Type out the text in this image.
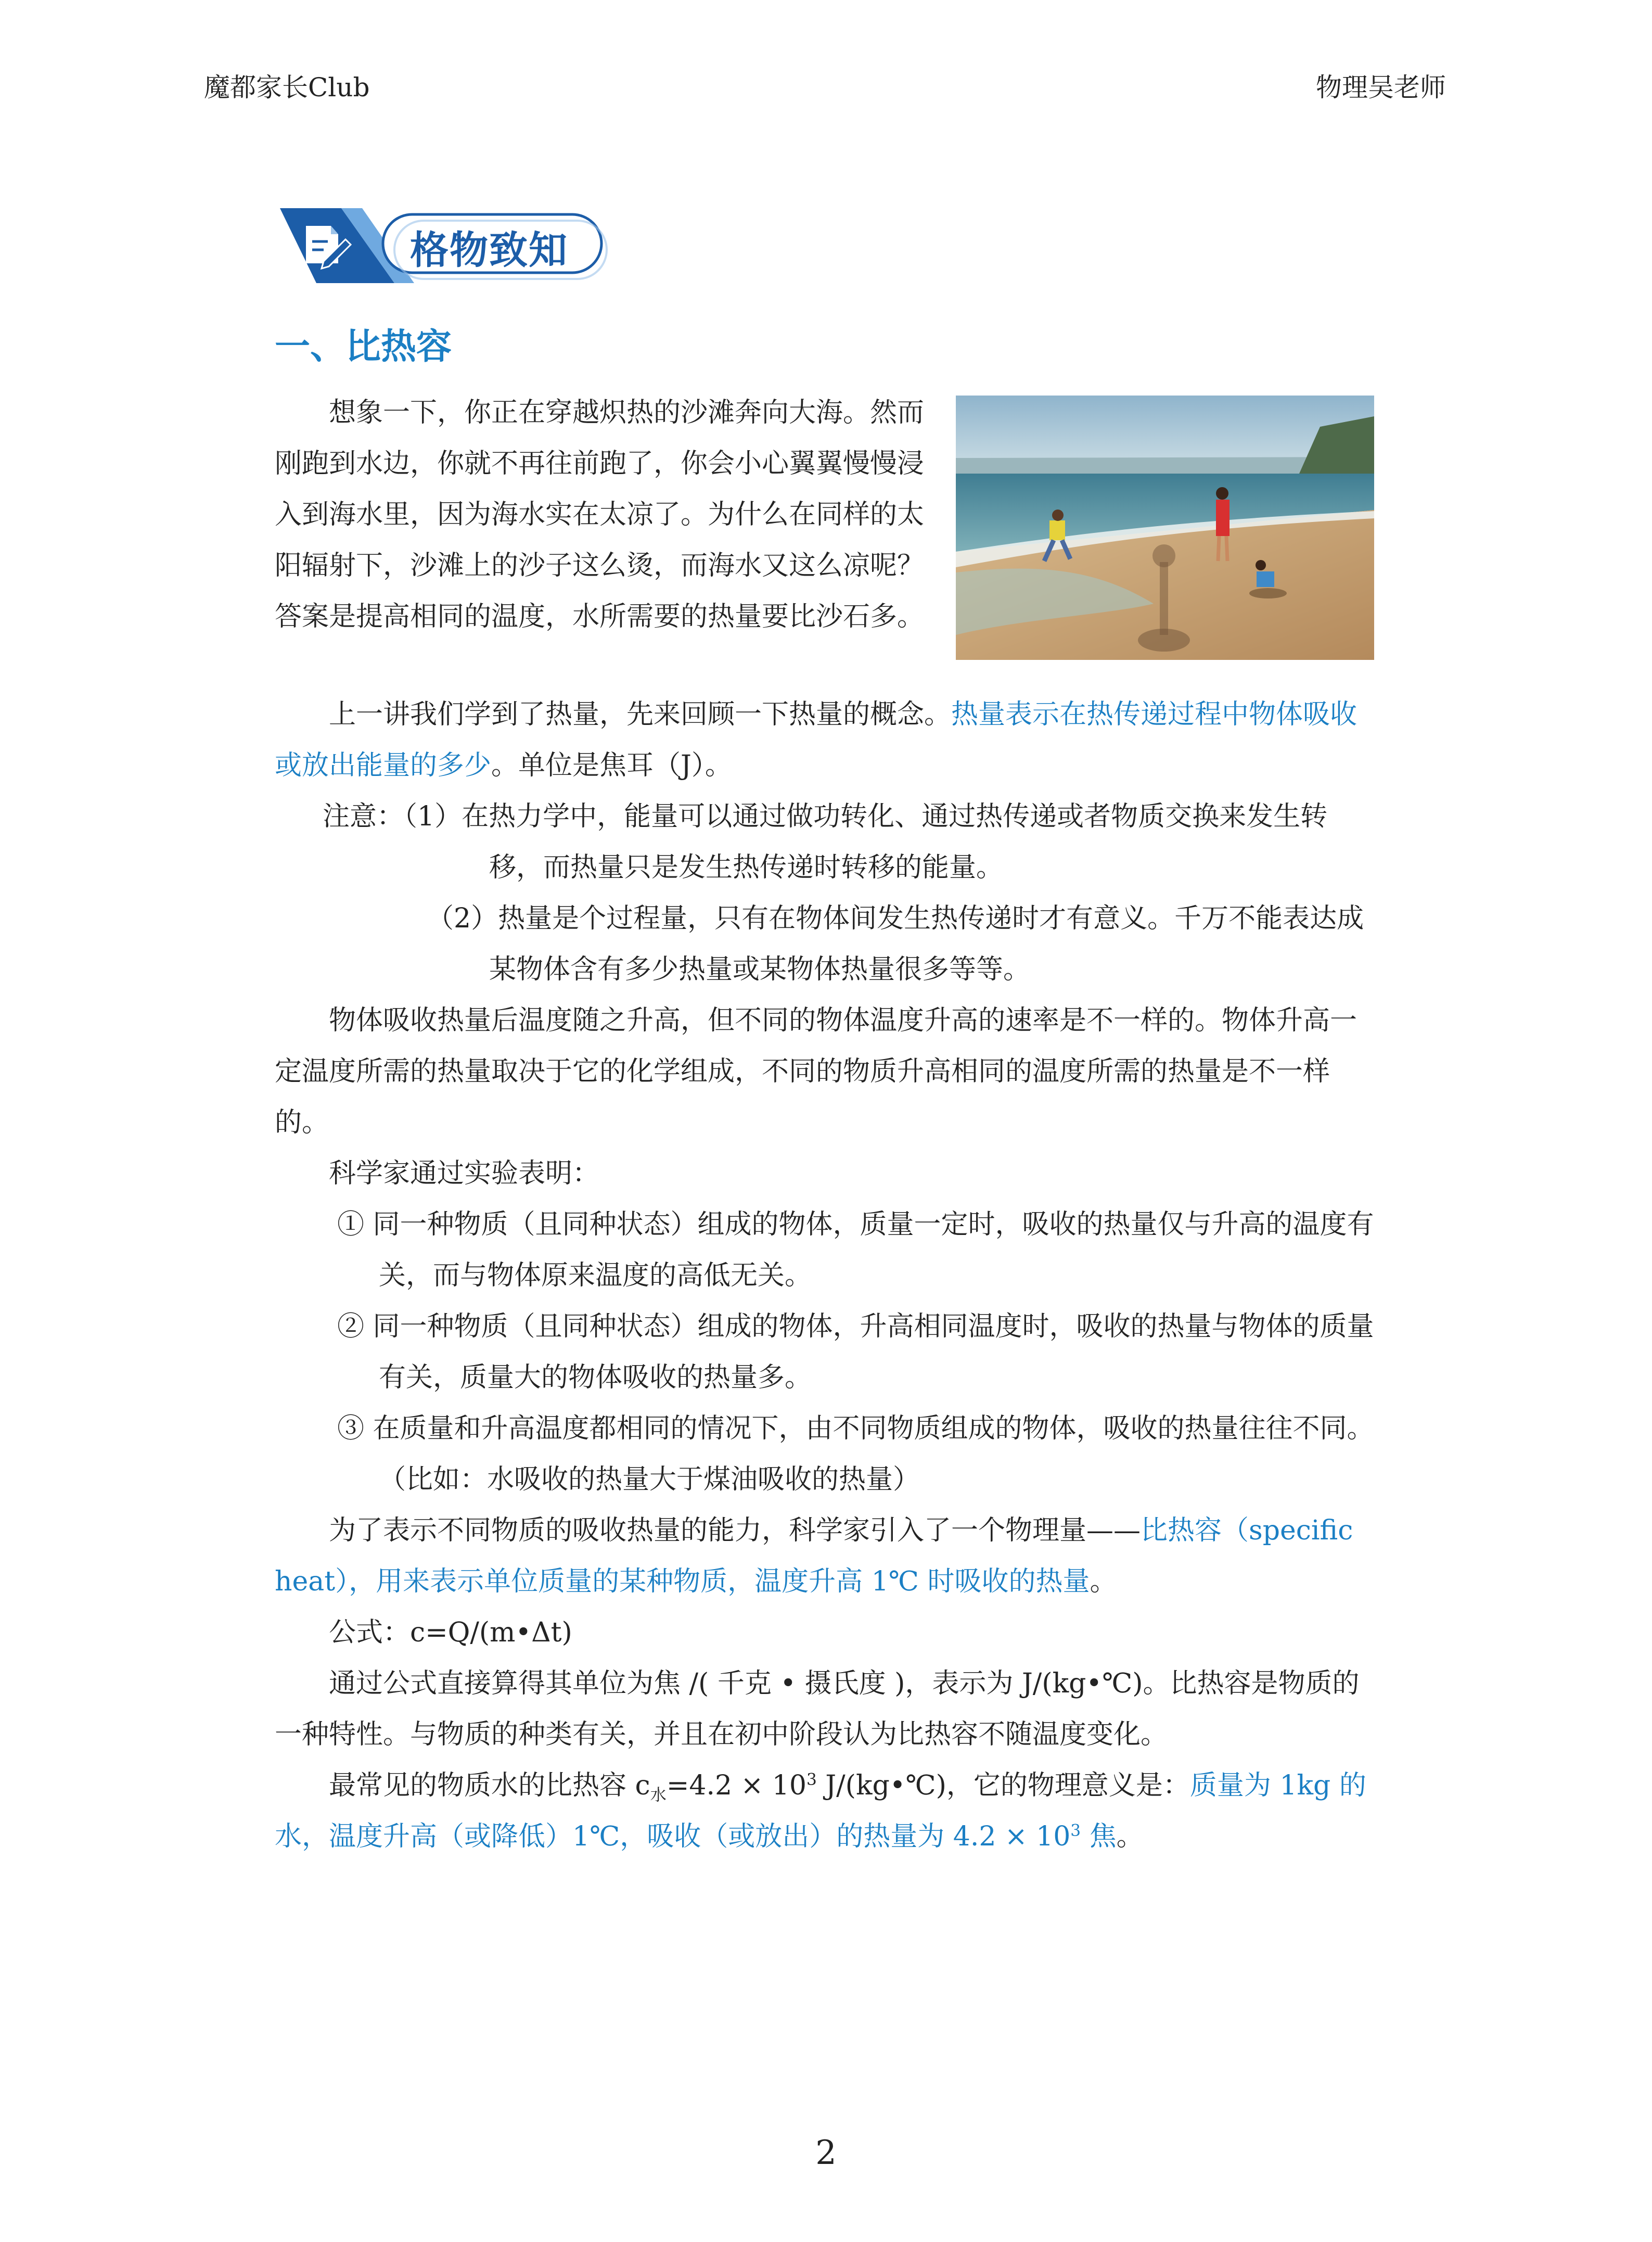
魔都家长Club	物理吴老师
格物致知
一、比热容

想象一下，你正在穿越炽热的沙滩奔向大海。然而刚跑到水边，你就不再往前跑了，你会小心翼翼慢慢浸入到海水里，因为海水实在太凉了。为什么在同样的太阳辐射下，沙滩上的沙子这么烫，而海水又这么凉呢？答案是提高相同的温度，水所需要的热量要比沙石多。

上一讲我们学到了热量，先来回顾一下热量的概念。热量表示在热传递过程中物体吸收或放出能量的多少。单位是焦耳（J）。

注意：（1）在热力学中，能量可以通过做功转化、通过热传递或者物质交换来发生转移，而热量只是发生热传递时转移的能量。

（2）热量是个过程量，只有在物体间发生热传递时才有意义。千万不能表达成某物体含有多少热量或某物体热量很多等等。

物体吸收热量后温度随之升高，但不同的物体温度升高的速率是不一样的。物体升高一定温度所需的热量取决于它的化学组成，不同的物质升高相同的温度所需的热量是不一样的。

科学家通过实验表明：

① 同一种物质（且同种状态）组成的物体，质量一定时，吸收的热量仅与升高的温度有关，而与物体原来温度的高低无关。

② 同一种物质（且同种状态）组成的物体，升高相同温度时，吸收的热量与物体的质量有关，质量大的物体吸收的热量多。

③ 在质量和升高温度都相同的情况下，由不同物质组成的物体，吸收的热量往往不同。（比如：水吸收的热量大于煤油吸收的热量）

为了表示不同物质的吸收热量的能力，科学家引入了一个物理量——比热容（specific heat），用来表示单位质量的某种物质，温度升高 1℃ 时吸收的热量。

公式：c=Q/(m•Δt)

通过公式直接算得其单位为焦 /( 千克 • 摄氏度 )，表示为 J/(kg•℃)。比热容是物质的一种特性。与物质的种类有关，并且在初中阶段认为比热容不随温度变化。

最常见的物质水的比热容 $c_水=4.2 \times 10^3$ J/(kg•℃)，它的物理意义是：质量为 1kg 的水，温度升高（或降低）1℃，吸收（或放出）的热量为 $4.2 \times 10^3$ 焦。

2
